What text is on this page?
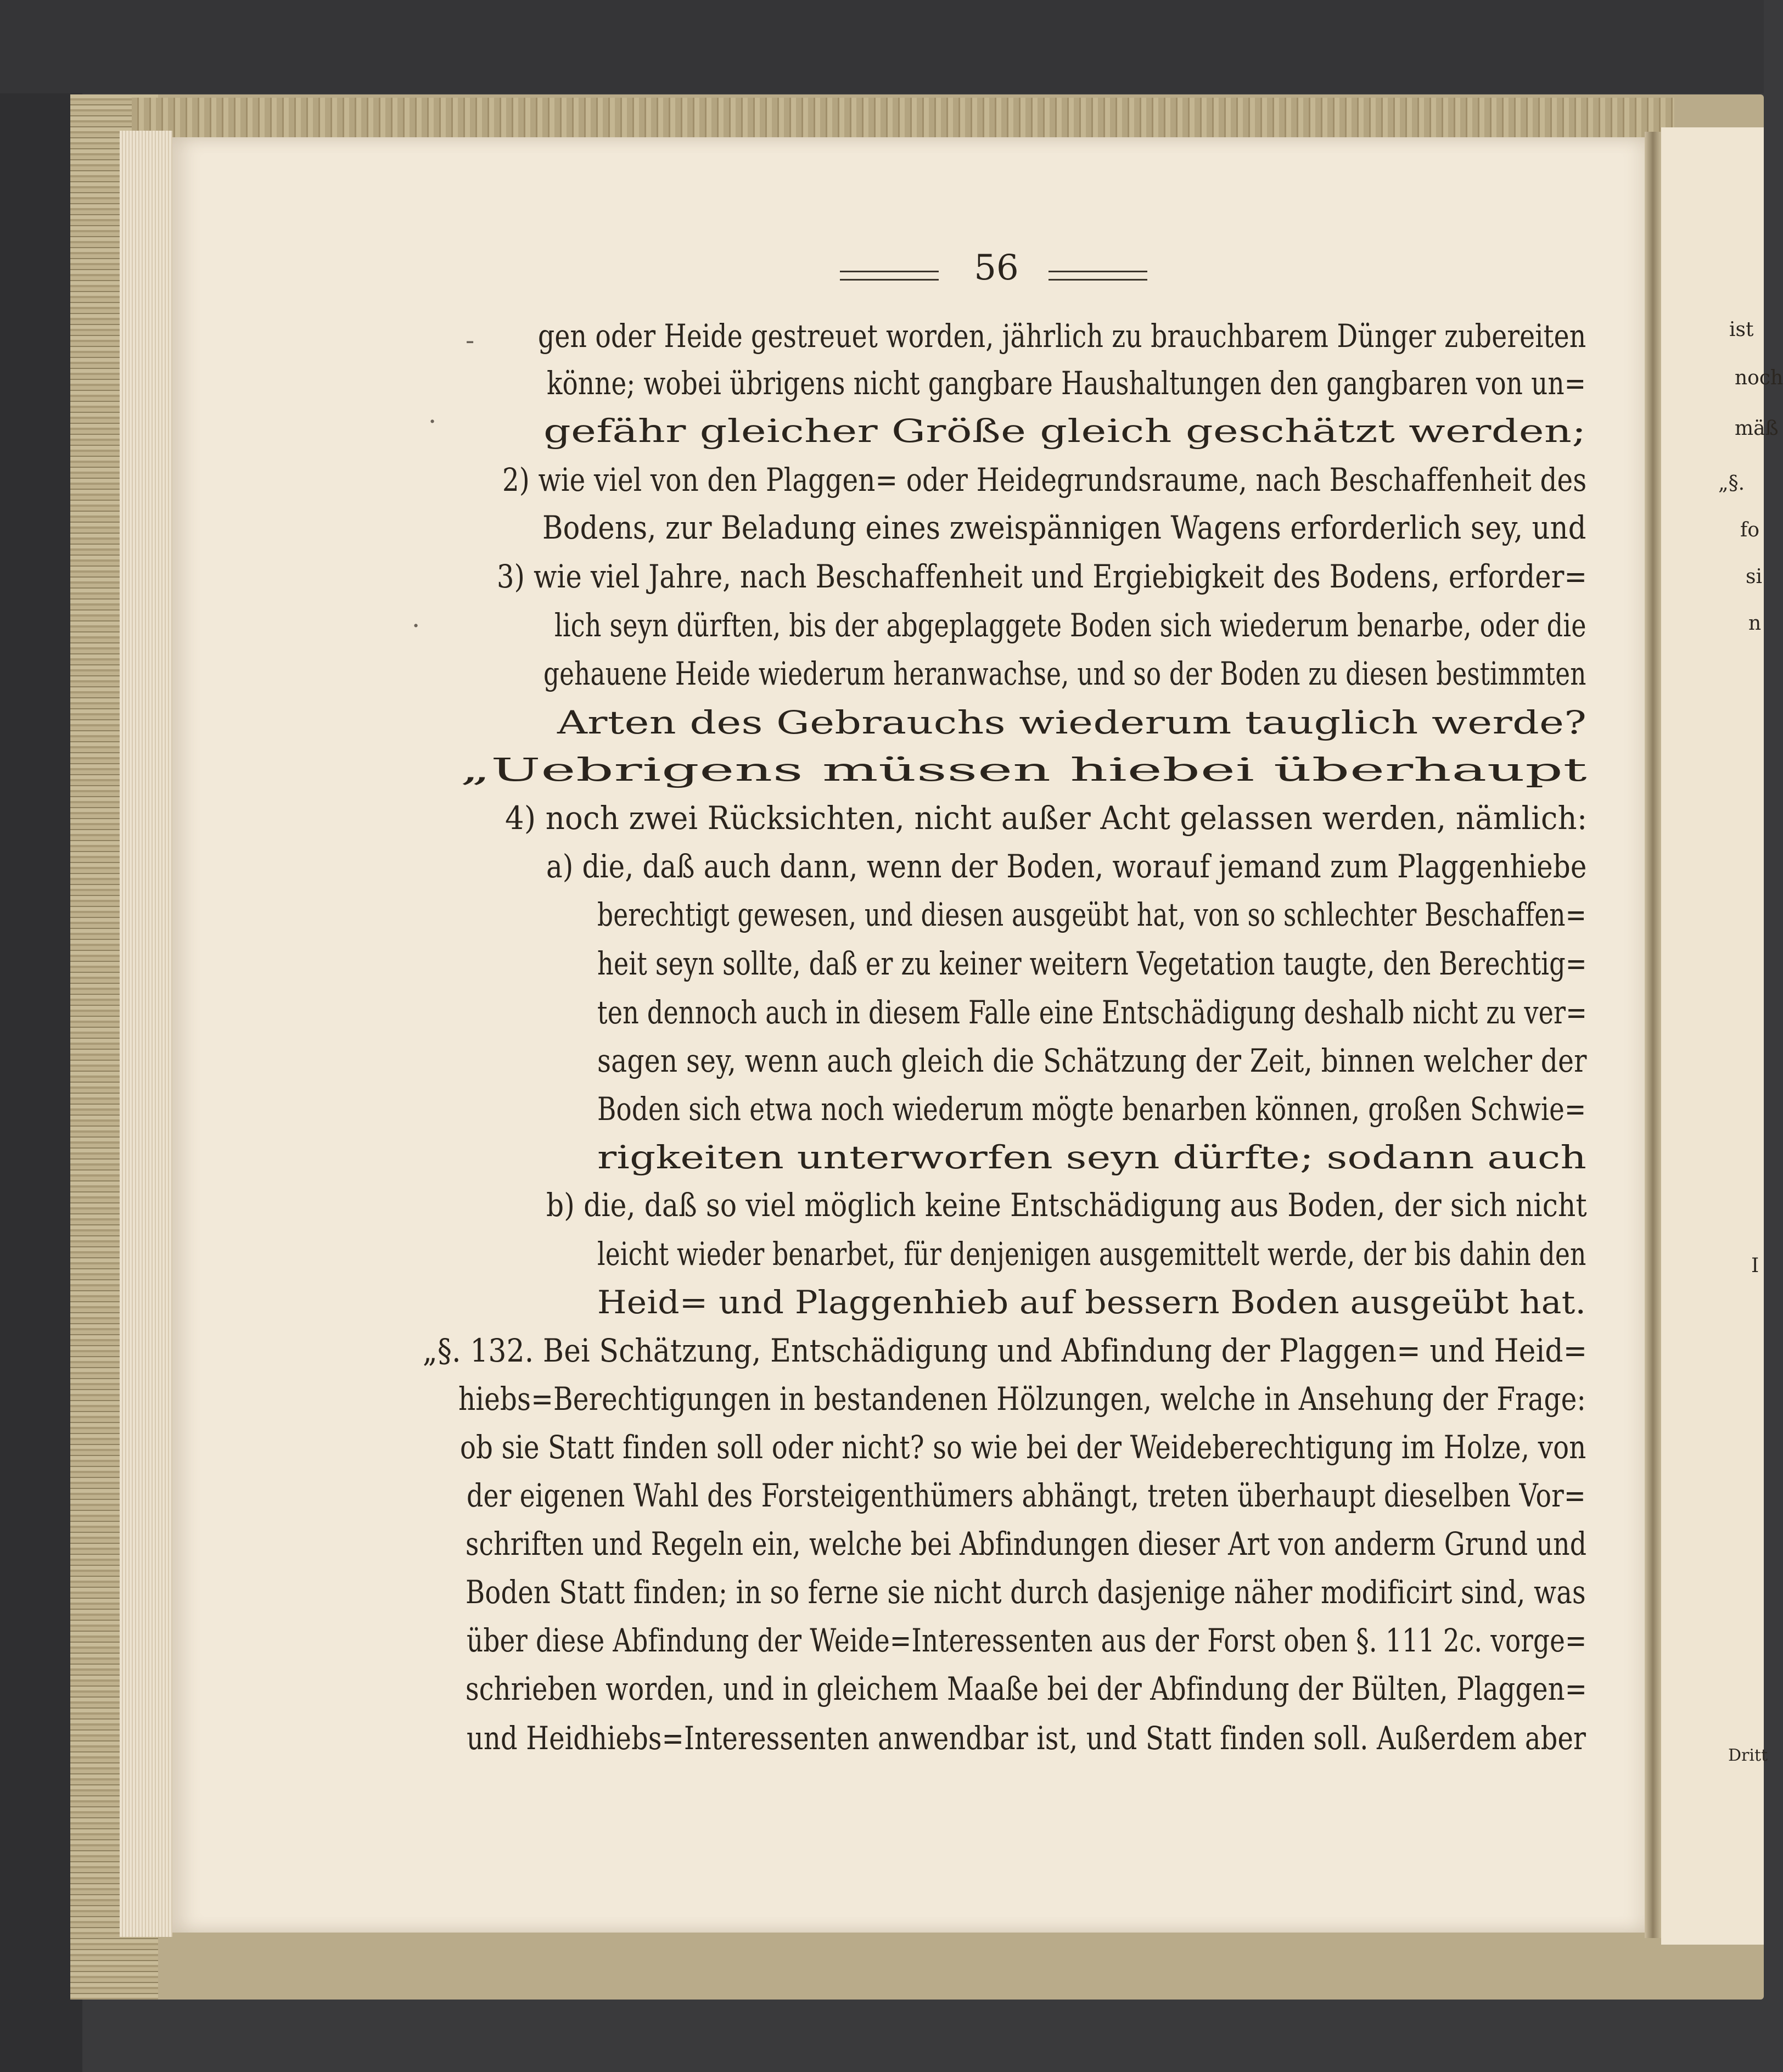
ist
noch
mäß
„§.
fo
si
n
I
Dritt
56
-
·
·
gen oder Heide gestreuet worden, jährlich zu brauchbarem Dünger zubereiten
könne; wobei übrigens nicht gangbare Haushaltungen den gangbaren von un=
gefähr gleicher Größe gleich geschätzt werden;
2) wie viel von den Plaggen= oder Heidegrundsraume, nach Beschaffenheit des
Bodens, zur Beladung eines zweispännigen Wagens erforderlich sey, und
3) wie viel Jahre, nach Beschaffenheit und Ergiebigkeit des Bodens, erforder=
lich seyn dürften, bis der abgeplaggete Boden sich wiederum benarbe, oder die
gehauene Heide wiederum heranwachse, und so der Boden zu diesen bestimmten
Arten des Gebrauchs wiederum tauglich werde?
„Uebrigens müssen hiebei überhaupt
4) noch zwei Rücksichten, nicht außer Acht gelassen werden, nämlich:
a) die, daß auch dann, wenn der Boden, worauf jemand zum Plaggenhiebe
berechtigt gewesen, und diesen ausgeübt hat, von so schlechter Beschaffen=
heit seyn sollte, daß er zu keiner weitern Vegetation taugte, den Berechtig=
ten dennoch auch in diesem Falle eine Entschädigung deshalb nicht zu ver=
sagen sey, wenn auch gleich die Schätzung der Zeit, binnen welcher der
Boden sich etwa noch wiederum mögte benarben können, großen Schwie=
rigkeiten unterworfen seyn dürfte; sodann auch
b) die, daß so viel möglich keine Entschädigung aus Boden, der sich nicht
leicht wieder benarbet, für denjenigen ausgemittelt werde, der bis dahin den
Heid= und Plaggenhieb auf bessern Boden ausgeübt hat.
„§. 132. Bei Schätzung, Entschädigung und Abfindung der Plaggen= und Heid=
hiebs=Berechtigungen in bestandenen Hölzungen, welche in Ansehung der Frage:
ob sie Statt finden soll oder nicht? so wie bei der Weideberechtigung im Holze, von
der eigenen Wahl des Forsteigenthümers abhängt, treten überhaupt dieselben Vor=
schriften und Regeln ein, welche bei Abfindungen dieser Art von anderm Grund und
Boden Statt finden; in so ferne sie nicht durch dasjenige näher modificirt sind, was
über diese Abfindung der Weide=Interessenten aus der Forst oben §. 111 2c. vorge=
schrieben worden, und in gleichem Maaße bei der Abfindung der Bülten, Plaggen=
und Heidhiebs=Interessenten anwendbar ist, und Statt finden soll. Außerdem aber
